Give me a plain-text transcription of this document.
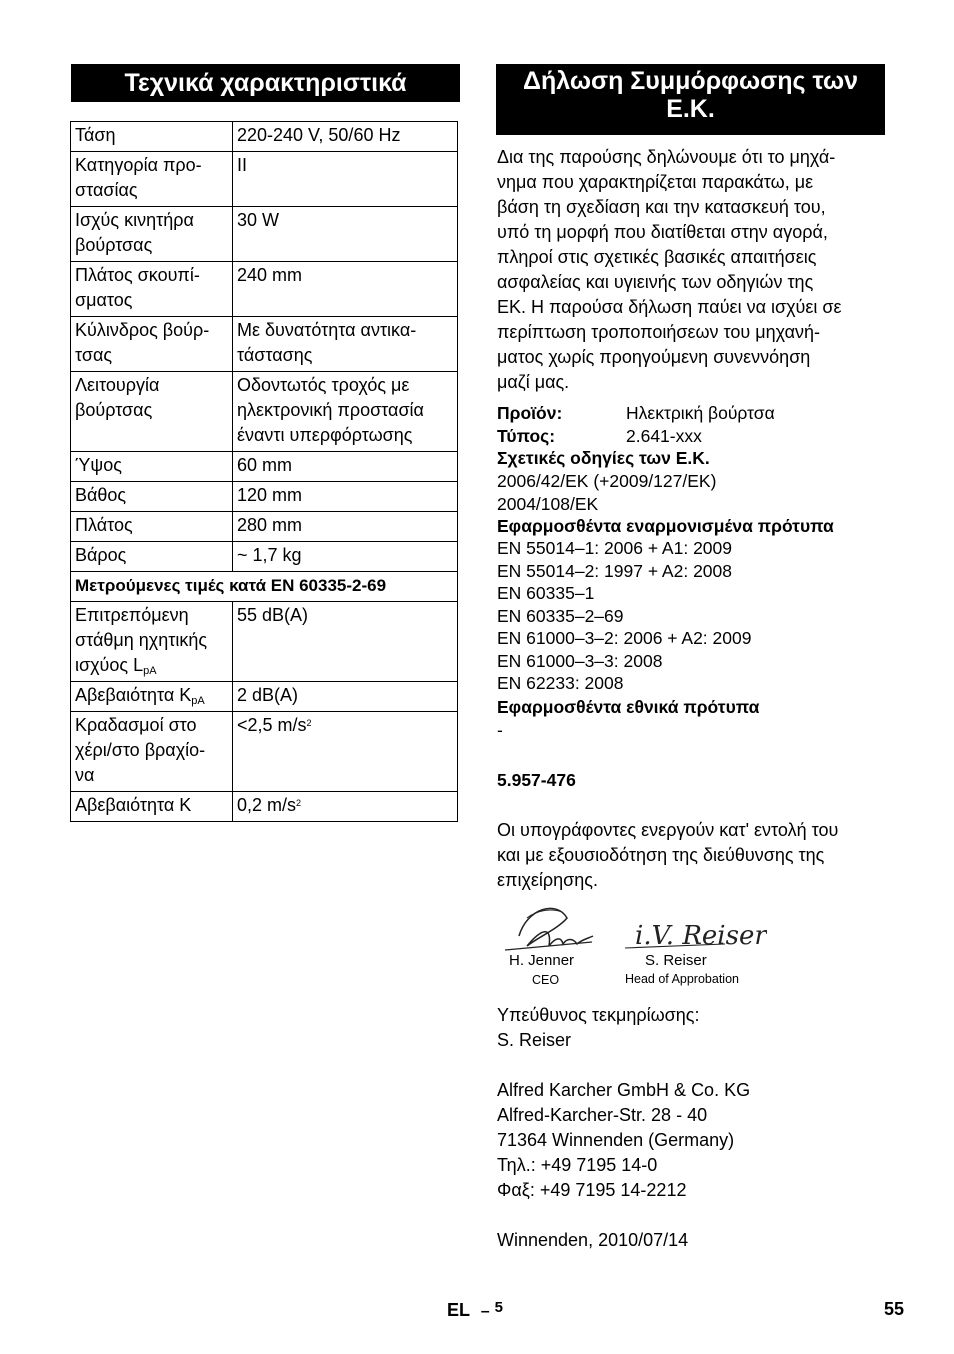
Τεχνικά χαρακτηριστικά
Τάση	220-240 V, 50/60 Hz
Κατηγορία προ-
στασίας	II
Ισχύς κινητήρα
βούρτσας	30 W
Πλάτος σκουπί-
σματος	240 mm
Κύλινδρος βούρ-
τσας	Με δυνατότητα αντικα-
τάστασης
Λειτουργία
βούρτσας	Οδοντωτός τροχός με
ηλεκτρονική προστασία
έναντι υπερφόρτωσης
Ύψος	60 mm
Βάθος	120 mm
Πλάτος	280 mm
Βάρος	~ 1,7 kg
Μετρούμενες τιμές κατά EN 60335-2-69	
Επιτρεπόμενη
στάθμη ηχητικής
ισχύος $L_{pA}$	55 dB(A)
Αβεβαιότητα $K_{pA}$	2 dB(A)
Κραδασμοί στο
χέρι/στο βραχίο-
να	<2,5 $m/s^2$
Αβεβαιότητα K	0,2 $m/s^2$
Δήλωση Συμμόρφωσης των
Ε.Κ.
Δια της παρούσης δηλώνουμε ότι το μηχά-
νημα που χαρακτηρίζεται παρακάτω, με
βάση τη σχεδίαση και την κατασκευή του,
υπό τη μορφή που διατίθεται στην αγορά,
πληροί στις σχετικές βασικές απαιτήσεις
ασφαλείας και υγιεινής των οδηγιών της
ΕΚ. Η παρούσα δήλωση παύει να ισχύει σε
περίπτωση τροποποιήσεων του μηχανή-
ματος χωρίς προηγούμενη συνεννόηση
μαζί μας.
Προϊόν:	Ηλεκτρική βούρτσα
Τύπος:	2.641-xxx
Σχετικές οδηγίες των Ε.Κ.
2006/42/ΕΚ (+2009/127/ΕΚ)
2004/108/ΕΚ
Εφαρμοσθέντα εναρμονισμένα πρότυπα
EN 55014–1: 2006 + A1: 2009
EN 55014–2: 1997 + A2: 2008
EN 60335–1
EN 60335–2–69
EN 61000–3–2: 2006 + A2: 2009
EN 61000–3–3: 2008
EN 62233: 2008
Εφαρμοσθέντα εθνικά πρότυπα
-
5.957-476
Οι υπογράφοντες ενεργούν κατ' εντολή του
και με εξουσιοδότηση της διεύθυνσης της
επιχείρησης.
i.V. Reiser
H. Jenner
CEO
S. Reiser
Head of Approbation
Υπεύθυνος τεκμηρίωσης:
S. Reiser
Alfred Karcher GmbH & Co. KG
Alfred-Karcher-Str. 28 - 40
71364 Winnenden (Germany)
Τηλ.: +49 7195 14-0
Φαξ: +49 7195 14-2212
Winnenden, 2010/07/14
EL – $^5$	55
